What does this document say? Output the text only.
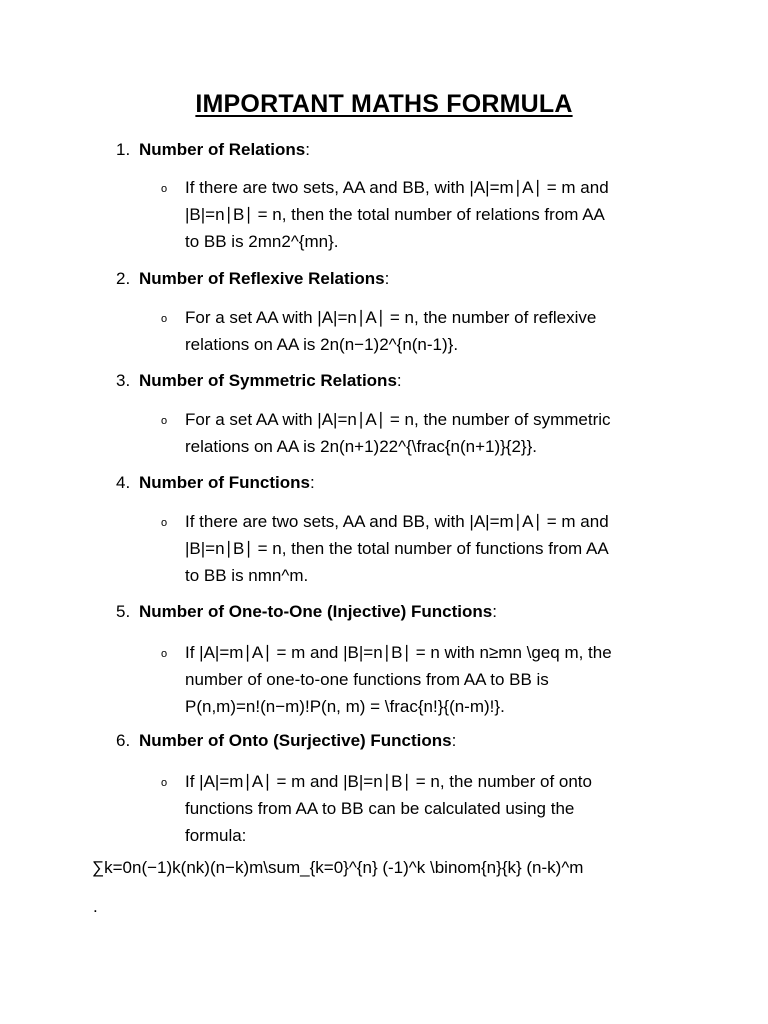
IMPORTANT MATHS FORMULA
1. Number of Relations:
o If there are two sets, AA and BB, with |A|=m∣A∣ = m and
|B|=n∣B∣ = n, then the total number of relations from AA
to BB is 2mn2^{mn}.
2. Number of Reflexive Relations:
o For a set AA with |A|=n∣A∣ = n, the number of reflexive
relations on AA is 2n(n−1)2^{n(n-1)}.
3. Number of Symmetric Relations:
o For a set AA with |A|=n∣A∣ = n, the number of symmetric
relations on AA is 2n(n+1)22^{\frac{n(n+1)}{2}}.
4. Number of Functions:
o If there are two sets, AA and BB, with |A|=m∣A∣ = m and
|B|=n∣B∣ = n, then the total number of functions from AA
to BB is nmn^m.
5. Number of One-to-One (Injective) Functions:
o If |A|=m∣A∣ = m and |B|=n∣B∣ = n with n≥mn \geq m, the
number of one-to-one functions from AA to BB is
P(n,m)=n!(n−m)!P(n, m) = \frac{n!}{(n-m)!}.
6. Number of Onto (Surjective) Functions:
o If |A|=m∣A∣ = m and |B|=n∣B∣ = n, the number of onto
functions from AA to BB can be calculated using the
formula:
∑k=0n(−1)k(nk)(n−k)m\sum_{k=0}^{n} (-1)^k \binom{n}{k} (n-k)^m
.
